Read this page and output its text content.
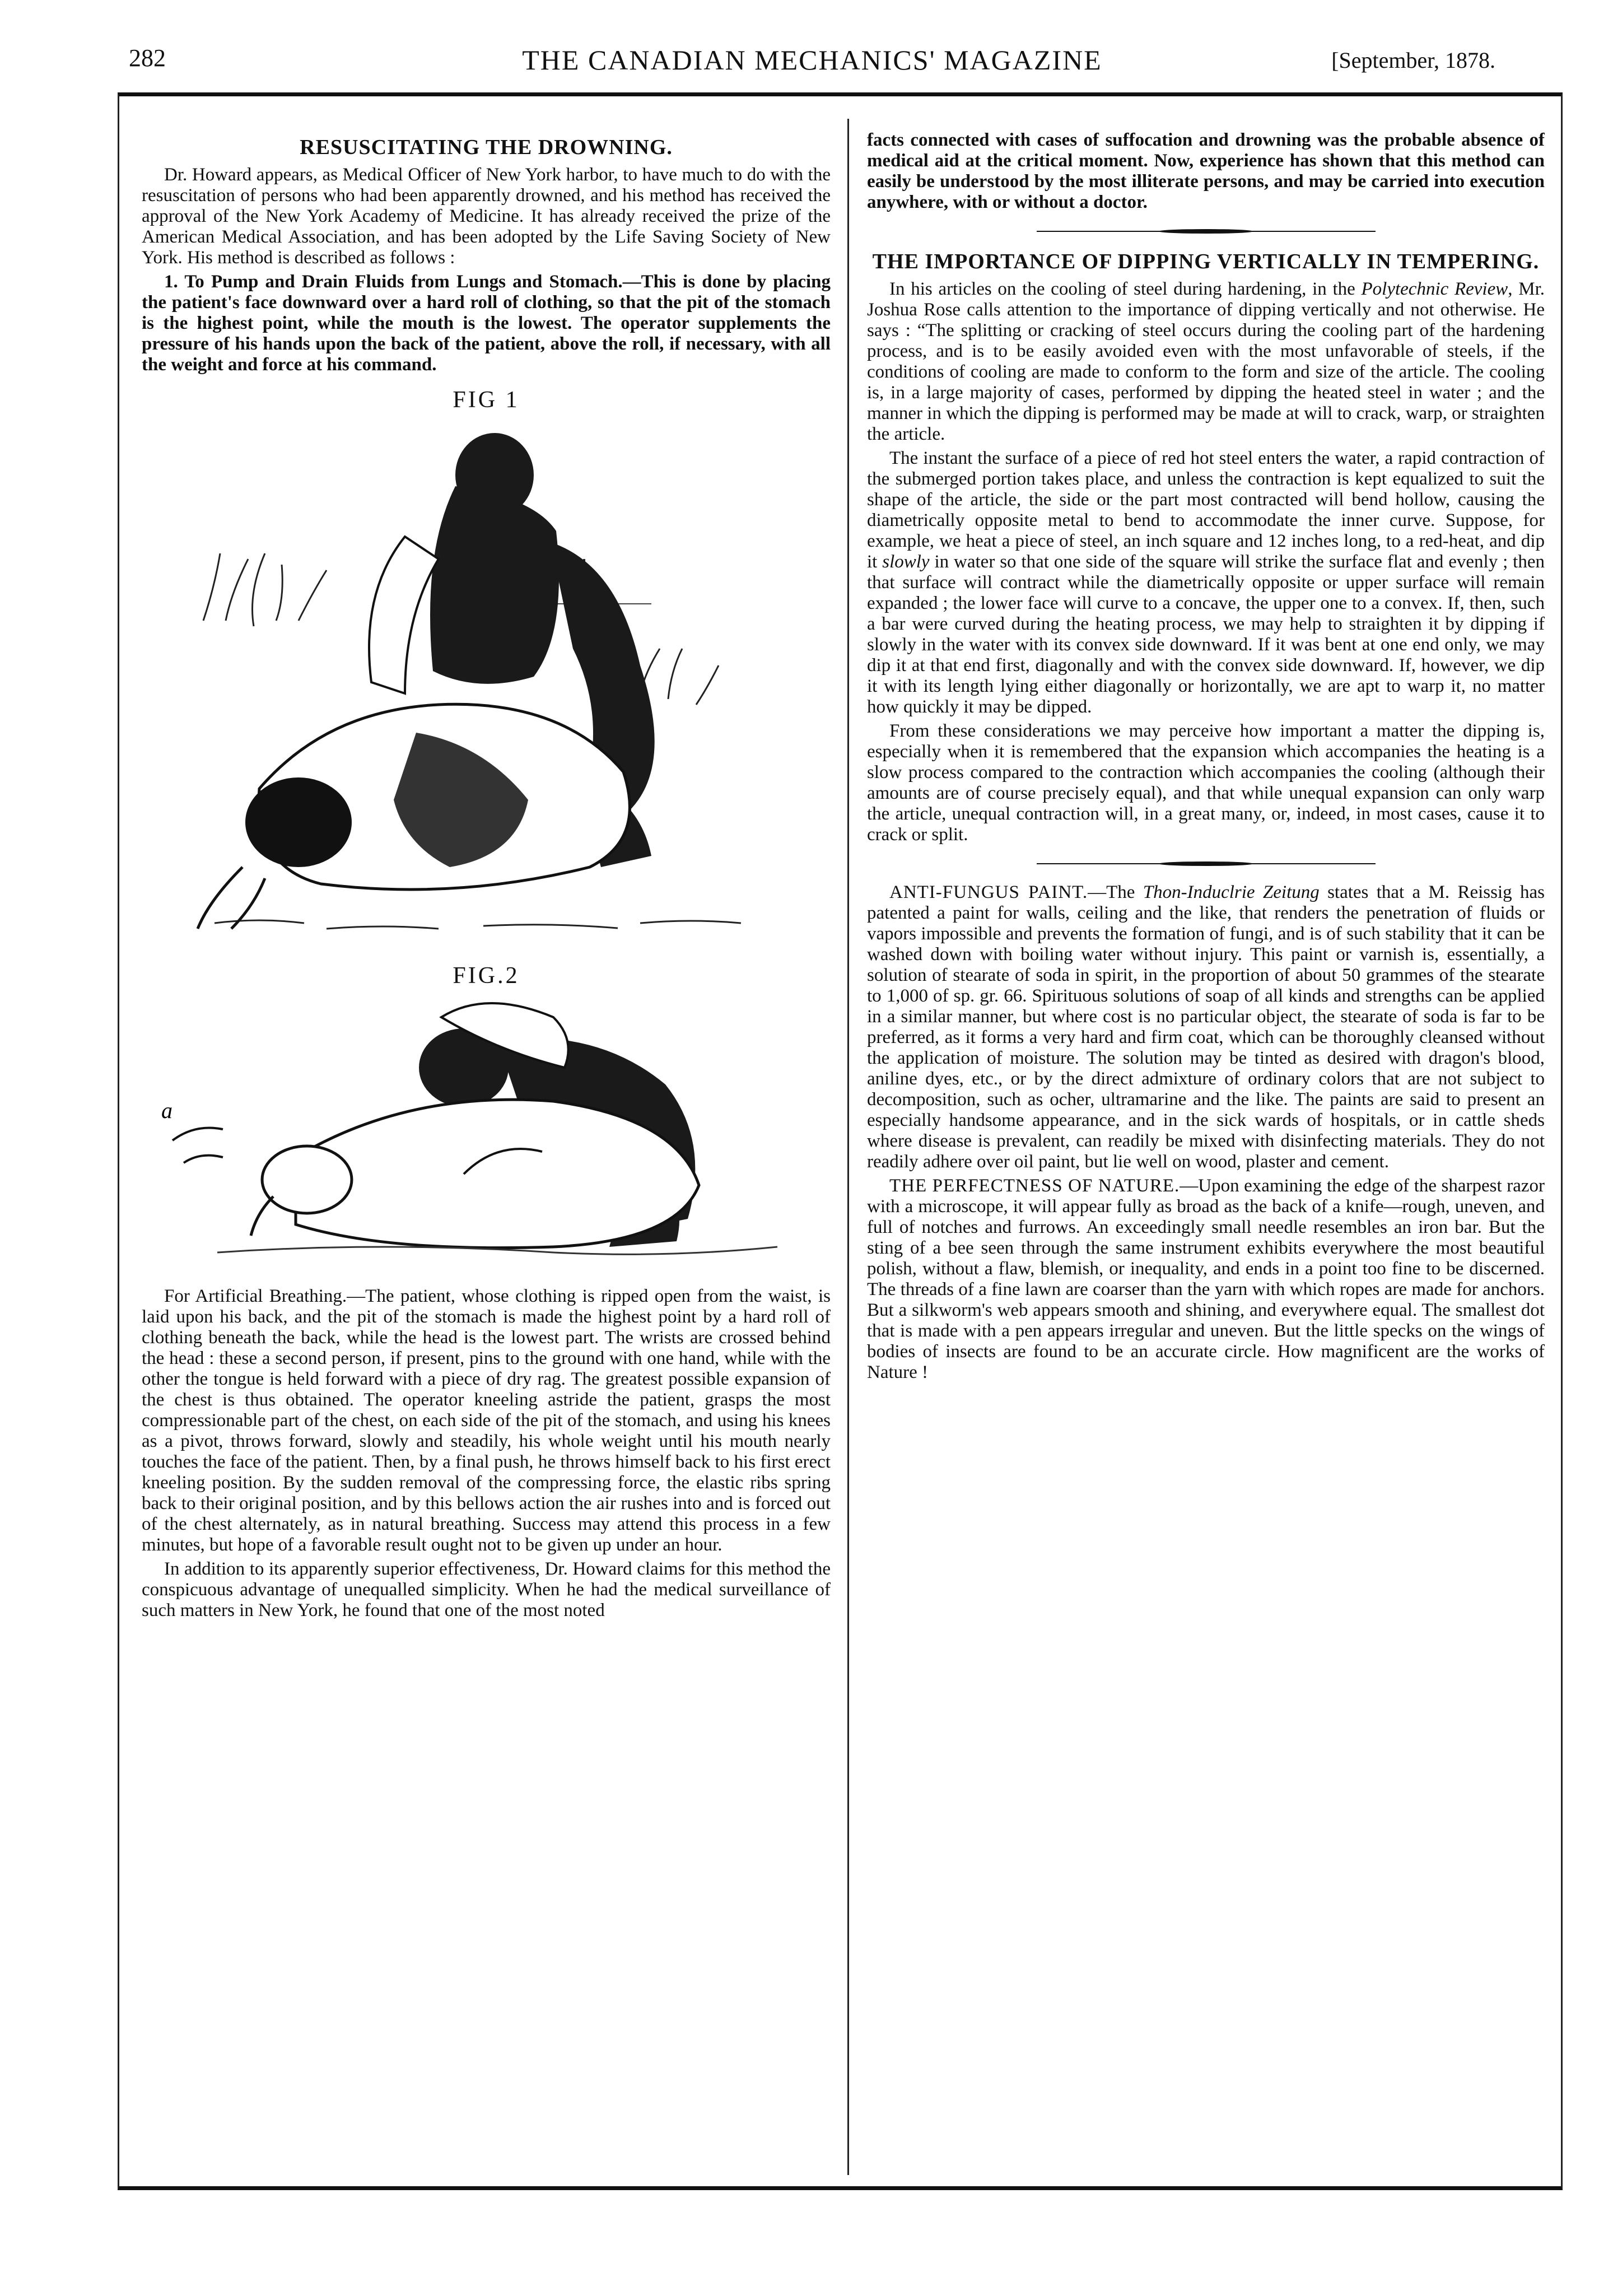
282	THE CANADIAN MECHANICS' MAGAZINE	[September, 1878.
RESUSCITATING THE DROWNING.

Dr. Howard appears, as Medical Officer of New York harbor, to have much to do with the resuscitation of persons who had been apparently drowned, and his method has received the approval of the New York Academy of Medicine. It has already received the prize of the American Medical Association, and has been adopted by the Life Saving Society of New York. His method is described as follows :

1. To Pump and Drain Fluids from Lungs and Stomach.—This is done by placing the patient's face downward over a hard roll of clothing, so that the pit of the stomach is the highest point, while the mouth is the lowest. The operator supplements the pressure of his hands upon the back of the patient, above the roll, if necessary, with all the weight and force at his command.

FIG 1
FIG.2
a

For Artificial Breathing.—The patient, whose clothing is ripped open from the waist, is laid upon his back, and the pit of the stomach is made the highest point by a hard roll of clothing beneath the back, while the head is the lowest part. The wrists are crossed behind the head : these a second person, if present, pins to the ground with one hand, while with the other the tongue is held forward with a piece of dry rag. The greatest possible expansion of the chest is thus obtained. The operator kneeling astride the patient, grasps the most compressionable part of the chest, on each side of the pit of the stomach, and using his knees as a pivot, throws forward, slowly and steadily, his whole weight until his mouth nearly touches the face of the patient. Then, by a final push, he throws himself back to his first erect kneeling position. By the sudden removal of the compressing force, the elastic ribs spring back to their original position, and by this bellows action the air rushes into and is forced out of the chest alternately, as in natural breathing. Success may attend this process in a few minutes, but hope of a favorable result ought not to be given up under an hour.

In addition to its apparently superior effectiveness, Dr. Howard claims for this method the conspicuous advantage of unequalled simplicity. When he had the medical surveillance of such matters in New York, he found that one of the most noted

facts connected with cases of suffocation and drowning was the probable absence of medical aid at the critical moment. Now, experience has shown that this method can easily be understood by the most illiterate persons, and may be carried into execution anywhere, with or without a doctor.

THE IMPORTANCE OF DIPPING VERTICALLY IN TEMPERING.

In his articles on the cooling of steel during hardening, in the Polytechnic Review, Mr. Joshua Rose calls attention to the importance of dipping vertically and not otherwise. He says : “The splitting or cracking of steel occurs during the cooling part of the hardening process, and is to be easily avoided even with the most unfavorable of steels, if the conditions of cooling are made to conform to the form and size of the article. The cooling is, in a large majority of cases, performed by dipping the heated steel in water ; and the manner in which the dipping is performed may be made at will to crack, warp, or straighten the article.

The instant the surface of a piece of red hot steel enters the water, a rapid contraction of the submerged portion takes place, and unless the contraction is kept equalized to suit the shape of the article, the side or the part most contracted will bend hollow, causing the diametrically opposite metal to bend to accommodate the inner curve. Suppose, for example, we heat a piece of steel, an inch square and 12 inches long, to a red-heat, and dip it slowly in water so that one side of the square will strike the surface flat and evenly ; then that surface will contract while the diametrically opposite or upper surface will remain expanded ; the lower face will curve to a concave, the upper one to a convex. If, then, such a bar were curved during the heating process, we may help to straighten it by dipping if slowly in the water with its convex side downward. If it was bent at one end only, we may dip it at that end first, diagonally and with the convex side downward. If, however, we dip it with its length lying either diagonally or horizontally, we are apt to warp it, no matter how quickly it may be dipped.

From these considerations we may perceive how important a matter the dipping is, especially when it is remembered that the expansion which accompanies the heating is a slow process compared to the contraction which accompanies the cooling (although their amounts are of course precisely equal), and that while unequal expansion can only warp the article, unequal contraction will, in a great many, or, indeed, in most cases, cause it to crack or split.

ANTI-FUNGUS PAINT.—The Thon-Induclrie Zeitung states that a M. Reissig has patented a paint for walls, ceiling and the like, that renders the penetration of fluids or vapors impossible and prevents the formation of fungi, and is of such stability that it can be washed down with boiling water without injury. This paint or varnish is, essentially, a solution of stearate of soda in spirit, in the proportion of about 50 grammes of the stearate to 1,000 of sp. gr. 66. Spirituous solutions of soap of all kinds and strengths can be applied in a similar manner, but where cost is no particular object, the stearate of soda is far to be preferred, as it forms a very hard and firm coat, which can be thoroughly cleansed without the application of moisture. The solution may be tinted as desired with dragon's blood, aniline dyes, etc., or by the direct admixture of ordinary colors that are not subject to decomposition, such as ocher, ultramarine and the like. The paints are said to present an especially handsome appearance, and in the sick wards of hospitals, or in cattle sheds where disease is prevalent, can readily be mixed with disinfecting materials. They do not readily adhere over oil paint, but lie well on wood, plaster and cement.

THE PERFECTNESS OF NATURE.—Upon examining the edge of the sharpest razor with a microscope, it will appear fully as broad as the back of a knife—rough, uneven, and full of notches and furrows. An exceedingly small needle resembles an iron bar. But the sting of a bee seen through the same instrument exhibits everywhere the most beautiful polish, without a flaw, blemish, or inequality, and ends in a point too fine to be discerned. The threads of a fine lawn are coarser than the yarn with which ropes are made for anchors. But a silkworm's web appears smooth and shining, and everywhere equal. The smallest dot that is made with a pen appears irregular and uneven. But the little specks on the wings of bodies of insects are found to be an accurate circle. How magnificent are the works of Nature !
